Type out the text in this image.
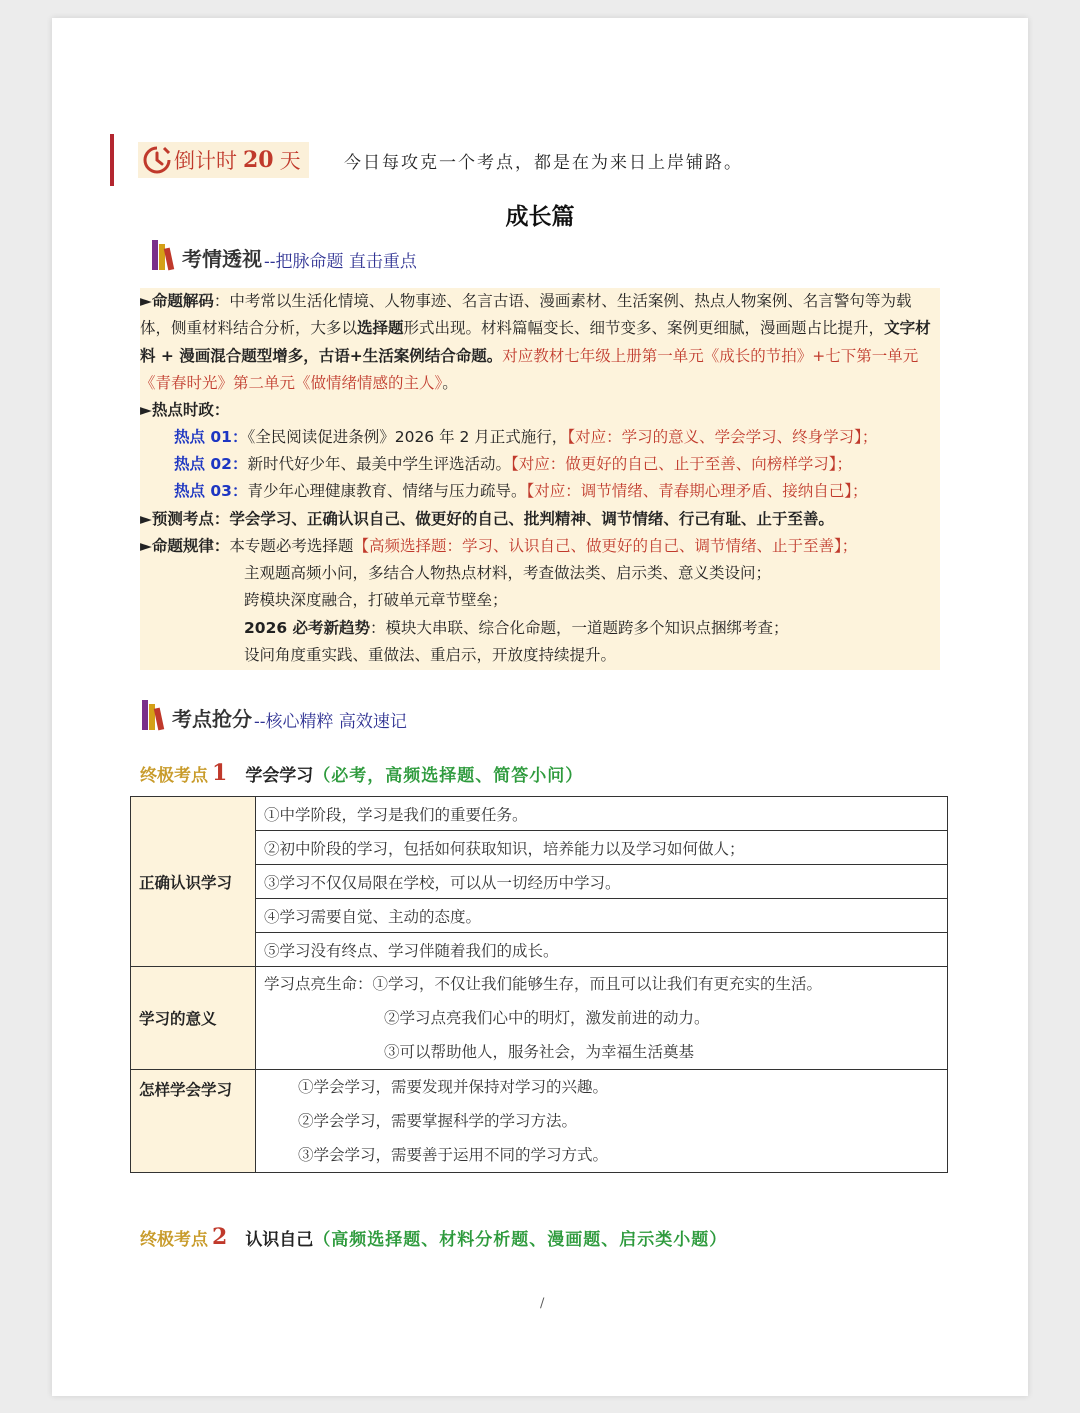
倒计时 20 天	今日每攻克一个考点，都是在为来日上岸铺路。
成长篇
考情透视 --把脉命题 直击重点
►命题解码：中考常以生活化情境、人物事迹、名言古语、漫画素材、生活案例、热点人物案例、名言警句等为载体，侧重材料结合分析，大多以选择题形式出现。材料篇幅变长、细节变多、案例更细腻，漫画题占比提升，文字材料 + 漫画混合题型增多，古语+生活案例结合命题。对应教材七年级上册第一单元《成长的节拍》+七下第一单元《青春时光》第二单元《做情绪情感的主人》。
►热点时政：
热点 01：《全民阅读促进条例》2026 年 2 月正式施行，【对应：学习的意义、学会学习、终身学习】；
热点 02：新时代好少年、最美中学生评选活动。【对应：做更好的自己、止于至善、向榜样学习】；
热点 03：青少年心理健康教育、情绪与压力疏导。【对应：调节情绪、青春期心理矛盾、接纳自己】；
►预测考点：学会学习、正确认识自己、做更好的自己、批判精神、调节情绪、行己有耻、止于至善。
►命题规律：本专题必考选择题【高频选择题：学习、认识自己、做更好的自己、调节情绪、止于至善】；
主观题高频小问，多结合人物热点材料，考查做法类、启示类、意义类设问；
跨模块深度融合，打破单元章节壁垒；
2026 必考新趋势：模块大串联、综合化命题，一道题跨多个知识点捆绑考查；
设问角度重实践、重做法、重启示，开放度持续提升。
考点抢分 --核心精粹 高效速记
终极考点 1 学会学习 （必考，高频选择题、简答小问）
正确认识学习	①中学阶段，学习是我们的重要任务。
	②初中阶段的学习，包括如何获取知识，培养能力以及学习如何做人；
	③学习不仅仅局限在学校，可以从一切经历中学习。
	④学习需要自觉、主动的态度。
	⑤学习没有终点、学习伴随着我们的成长。
学习的意义	学习点亮生命：①学习，不仅让我们能够生存，而且可以让我们有更充实的生活。
②学习点亮我们心中的明灯，激发前进的动力。
③可以帮助他人，服务社会，为幸福生活奠基

怎样学会学习	①学会学习，需要发现并保持对学习的兴趣。
②学会学习，需要掌握科学的学习方法。
③学会学习，需要善于运用不同的学习方式。
终极考点 2 认识自己 （高频选择题、材料分析题、漫画题、启示类小题）
/
